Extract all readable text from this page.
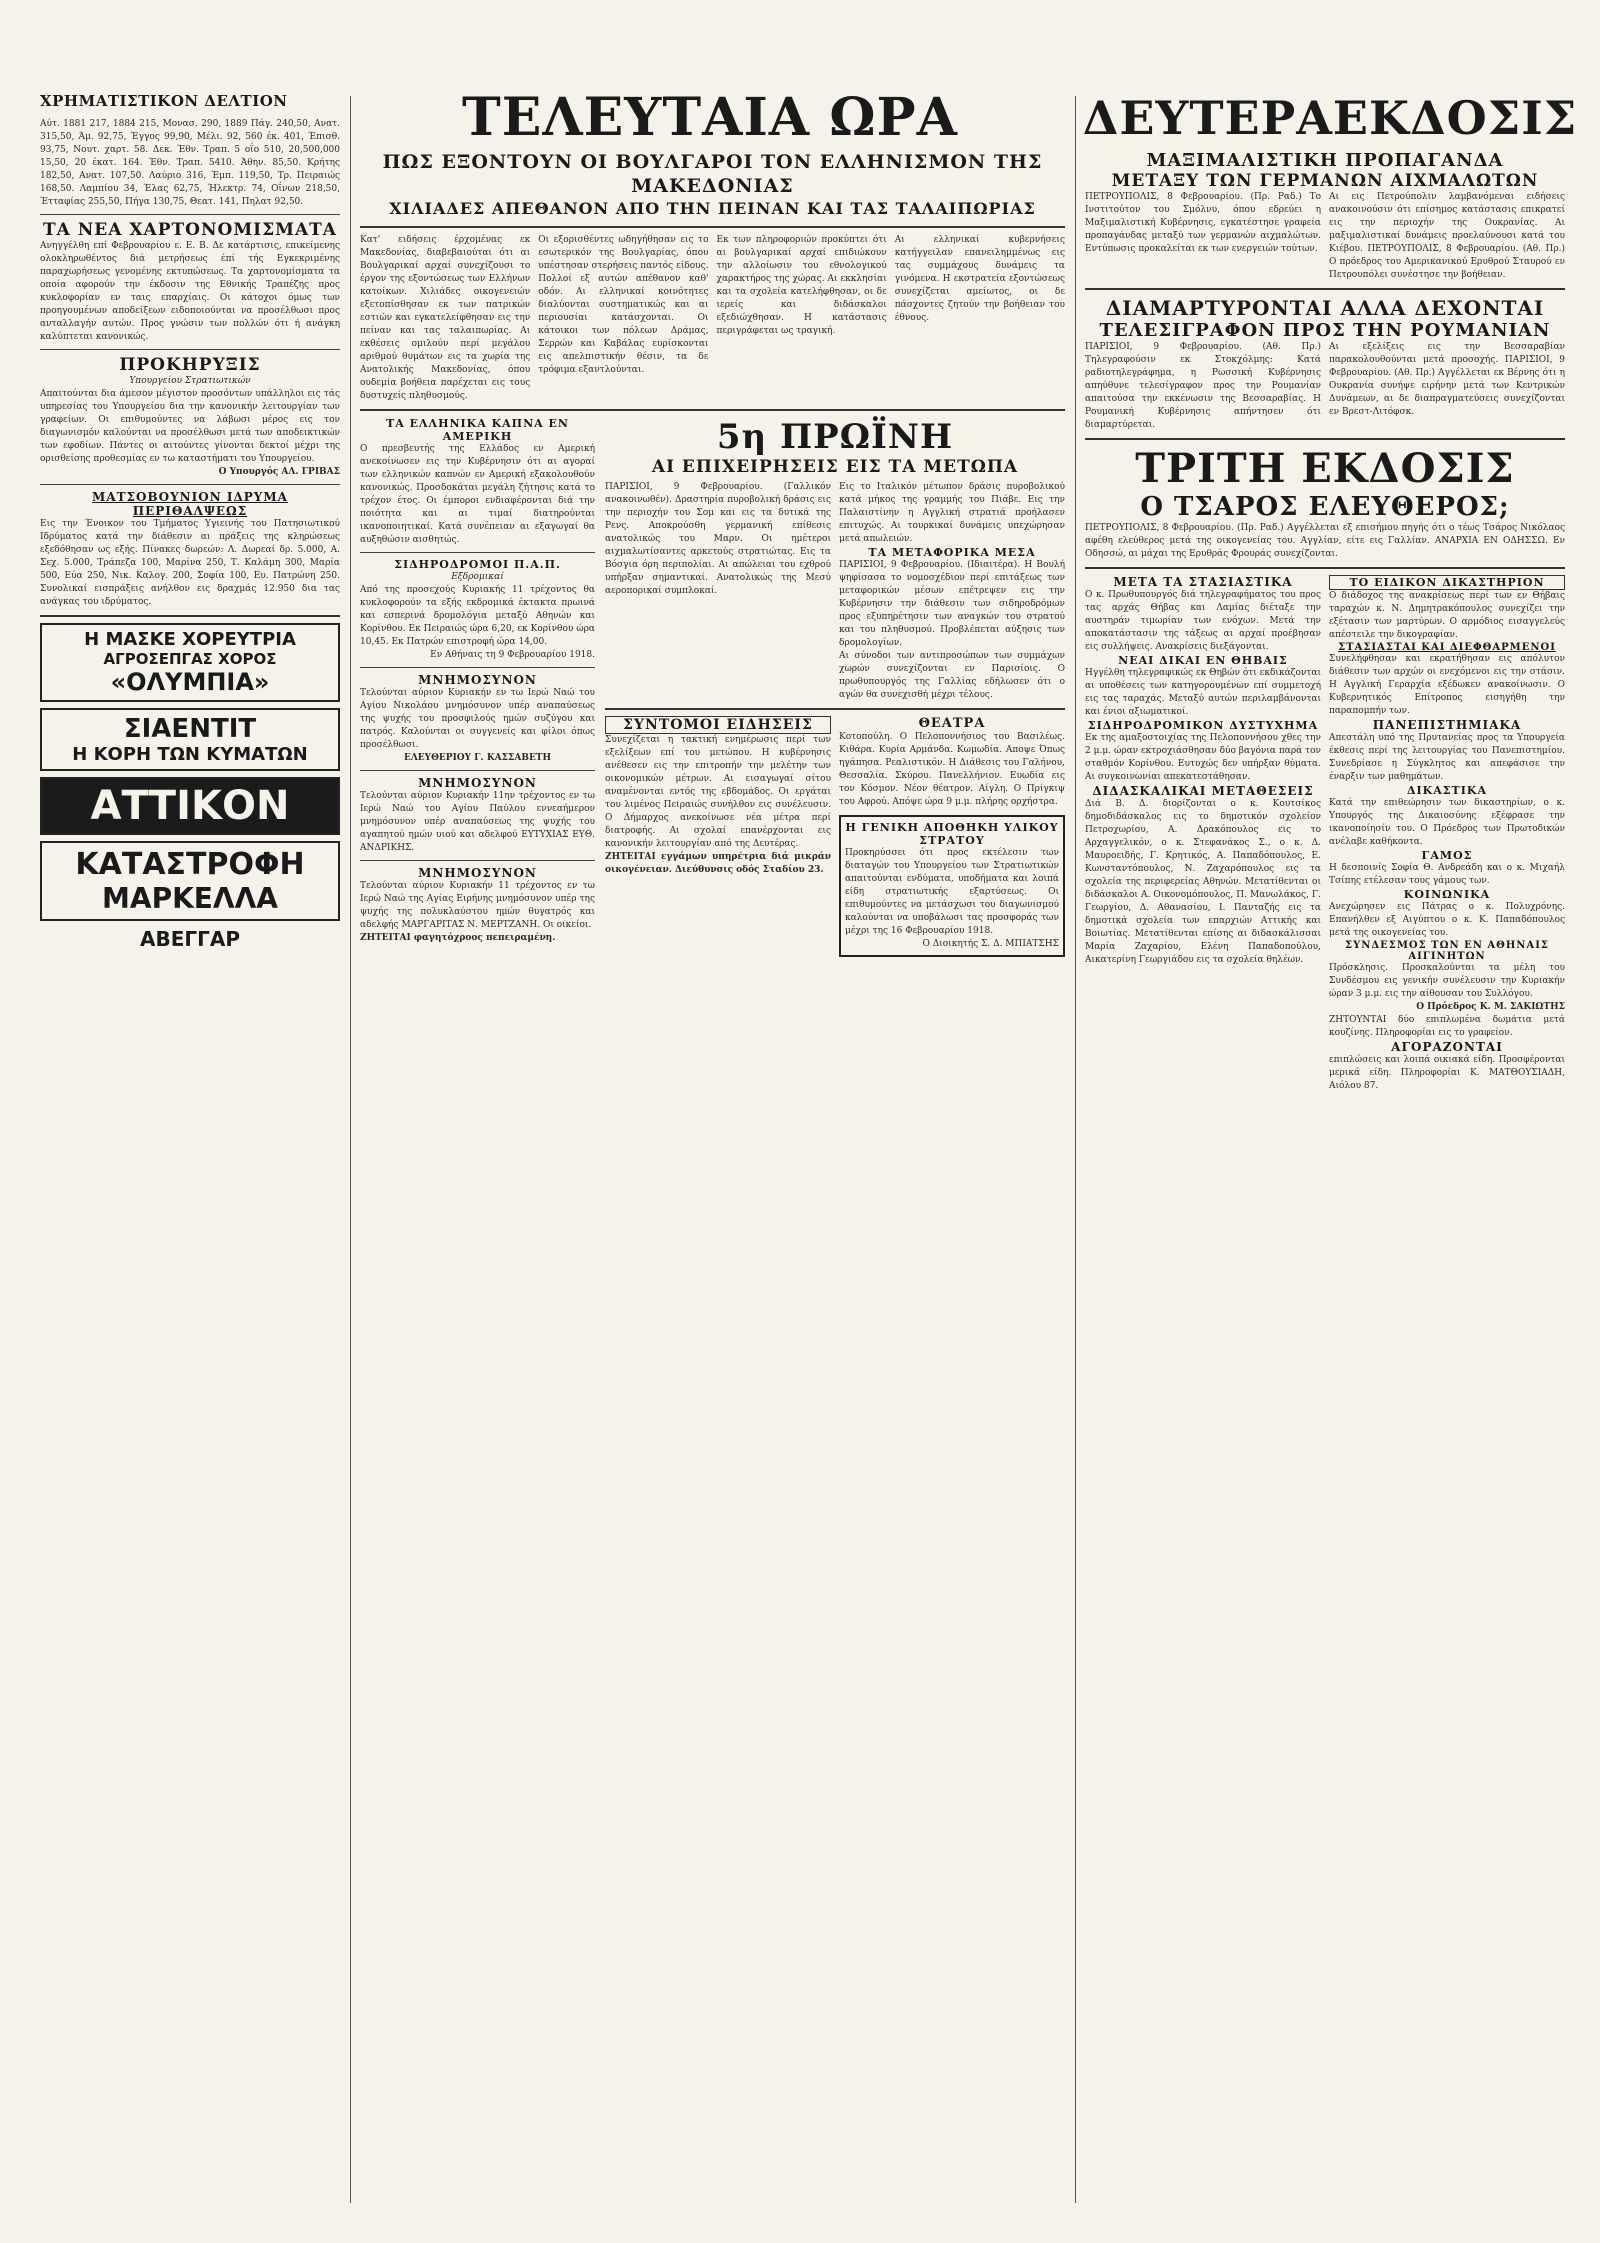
ΧΡΗΜΑΤΙΣΤΙΚΟΝ ΔΕΛΤΙΟΝ	ΤΕΛΕΥΤΑΙΑ ΩΡΑ	ΔΕΥΤΕΡΑΕΚΔΟΣΙΣ
Αύτ. 1881 217, 1884 215, Μονασ. 290, 1889 Πάγ. 240,50, Ανατ. 315,50, Άμ. 92,75, Έγγος 99,90, Μέλι. 92, 560 έκ. 401, Έπισθ. 93,75, Νουτ. χαρτ. 58. Δεκ. Έθν. Τραπ. 5 οΐο 510, 20,500,000 15,50, 20 έκατ. 164. Έθν. Τραπ. 5410. Άθην. 85,50. Κρήτης 182,50, Ανατ. 107,50. Λαύριο 316, Έμπ. 119,50, Τρ. Πειραιώς 168,50. Λαμπίου 34, Έλας 62,75, Ήλεκτρ. 74, Οΐνων 218,50, Έτταφίας 255,50, Πήγα 130,75, Θεατ. 141, Πηλατ 92,50.
ΤΑ ΝΕΑ ΧΑΡΤΟΝΟΜΙΣΜΑΤΑ
Ανηγγέλθη επί Φεβρουαρίου ε. Ε. Β. Δε κατάρτισις, επικείμενης ολοκληρωθέντος διά μετρήσεως έπί τής Εγκεκριμένης παραχωρήσεως γενομένης εκτυπώσεως. Τα χαρτονομίσματα τα οποία αφορούν την έκδοσιν της Εθνικής Τραπέζης προς κυκλοφορίαν εν ταις επαρχίαις. Οι κάτοχοι όμως των προηγουμένων αποδείξεων ειδοποιούνται να προσέλθωσι προς ανταλλαγήν αυτών. Προς γνώσιν των πολλών ότι ή ανάγκη καλύπτεται κανονικώς.
ΠΡΟΚΗΡΥΞΙΣ
Υπουργείου Στρατιωτικών
Απαιτούνται δια άμεσον μέγιστον προσόντων υπάλληλοι εις τάς υπηρεσίας του Υπουργείου δια την κανονικήν λειτουργίαν των γραφείων. Οι επιθυμούντες να λάβωσι μέρος εις τον διαγωνισμόν καλούνται να προσέλθωσι μετά των αποδεικτικών των εφοδίων. Πάντες οι αιτούντες γίνονται δεκτοί μέχρι της ορισθείσης προθεσμίας εν τω καταστήματι του Υπουργείου.
Ο Υπουργός ΑΛ. ΓΡΙΒΑΣ
ΜΑΤΣΟΒΟΥΝΙΟΝ ΙΔΡΥΜΑ ΠΕΡΙΘΑΛΨΕΩΣ
Εις την Ένοικον του Τμήματος Υγιεινής του Πατησιωτικού Ιδρύματος κατά την διάθεσιν αι πράξεις της κληρώσεως εξεδόθησαν ως εξής. Πίνακες δωρεών: Λ. Δωρεαί δρ. 5.000, Α. Σεχ. 5.000, Τράπεζα 100, Μαρίνα 250, Τ. Καλάμη 300, Μαρία 500, Εύα 250, Νικ. Καλογ. 200, Σοφία 100, Ευ. Πατρώνη 250. Συνολικαί εισπράξεις ανήλθον εις δραχμάς 12.950 δια τας ανάγκας του ιδρύματος.
Η ΜΑΣΚΕ ΧΟΡΕΥΤΡΙΑ
ΑΓΡΟΣΕΠΓΑΣ ΧΟΡΟΣ
«ΟΛΥΜΠΙΑ»
ΣΙΑΕΝΤΙΤ
Η ΚΟΡΗ ΤΩΝ ΚΥΜΑΤΩΝ
ΑΤΤΙΚΟΝ
ΚΑΤΑΣΤΡΟΦΗ
ΜΑΡΚΕΛΛΑ
ΑΒΕΓΓΑΡ
ΠΩΣ ΕΞΟΝΤΟΥΝ ΟΙ ΒΟΥΛΓΑΡΟΙ ΤΟΝ ΕΛΛΗΝΙΣΜΟΝ ΤΗΣ ΜΑΚΕΔΟΝΙΑΣ
ΧΙΛΙΑΔΕΣ ΑΠΕΘΑΝΟΝ ΑΠΟ ΤΗΝ ΠΕΙΝΑΝ ΚΑΙ ΤΑΣ ΤΑΛΑΙΠΩΡΙΑΣ
Κατ' ειδήσεις έρχομένας εκ Μακεδονίας, διαβεβαιούται ότι αι Βουλγαρικαί αρχαί συνεχίζουσι το έργον της εξοντώσεως των Ελλήνων κατοίκων. Χιλιάδες οικογενειών εξετοπίσθησαν εκ των πατρικών εστιών και εγκατελείφθησαν εις την πείναν και τας ταλαιπωρίας. Αι εκθέσεις ομιλούν περί μεγάλου αριθμού θυμάτων εις τα χωρία της Ανατολικής Μακεδονίας, όπου ουδεμία βοήθεια παρέχεται εις τους δυστυχείς πληθυσμούς.
Οι εξορισθέντες ωδηγήθησαν εις το εσωτερικόν της Βουλγαρίας, όπου υπέστησαν στερήσεις παντός είδους. Πολλοί εξ αυτών απέθανον καθ' οδόν. Αι ελληνικαί κοινότητες διαλύονται συστηματικώς και αι περιουσίαι κατάσχονται. Οι κάτοικοι των πόλεων Δράμας, Σερρών και Καβάλας ευρίσκονται εις απελπιστικήν θέσιν, τα δε τρόφιμα εξαντλούνται.
Εκ των πληροφοριών προκύπτει ότι αι βουλγαρικαί αρχαί επιδιώκουν την αλλοίωσιν του εθνολογικού χαρακτήρος της χώρας. Αι εκκλησίαι και τα σχολεία κατελήφθησαν, οι δε ιερείς και διδάσκαλοι εξεδιώχθησαν. Η κατάστασις περιγράφεται ως τραγική.
Αι ελληνικαί κυβερνήσεις κατήγγειλαν επανειλημμένως εις τας συμμάχους δυνάμεις τα γινόμενα. Η εκστρατεία εξοντώσεως συνεχίζεται αμείωτος, οι δε πάσχοντες ζητούν την βοήθειαν του έθνους.
ΤΑ ΕΛΛΗΝΙΚΑ ΚΑΠΝΑ ΕΝ ΑΜΕΡΙΚΗ
Ο πρεσβευτής της Ελλάδος εν Αμερική ανεκοίνωσεν εις την Κυβέρνησιν ότι αι αγοραί των ελληνικών καπνών εν Αμερική εξακολουθούν κανονικώς. Προσδοκάται μεγάλη ζήτησις κατά το τρέχον έτος. Οι έμποροι ενδιαφέρονται διά την ποιότητα και αι τιμαί διατηρούνται ικανοποιητικαί. Κατά συνέπειαν αι εξαγωγαί θα αυξηθώσιν αισθητώς.
ΣΙΔΗΡΟΔΡΟΜΟΙ Π.Α.Π.
Εξδρομικαί
Από της προσεχούς Κυριακής 11 τρέχοντος θα κυκλοφορούν τα εξής εκδρομικά έκτακτα πρωινά και εσπερινά δρομολόγια μεταξύ Αθηνών και Κορίνθου. Εκ Πειραιώς ώρα 6,20, εκ Κορίνθου ώρα 10,45. Εκ Πατρών επιστροφή ώρα 14,00.
Εν Αθήναις τη 9 Φεβρουαρίου 1918.
ΜΝΗΜΟΣΥΝΟΝ
Τελούνται αύριον Κυριακήν εν τω Ιερώ Ναώ του Αγίου Νικολάου μνημόσυνον υπέρ αναπαύσεως της ψυχής του προσφιλούς ημών συζύγου και πατρός. Καλούνται οι συγγενείς και φίλοι όπως προσέλθωσι.
ΕΛΕΥΘΕΡΙΟΥ Γ. ΚΑΣΣΑΒΕΤΗ
ΜΝΗΜΟΣΥΝΟΝ
Τελούνται αύριον Κυριακήν 11ην τρέχοντος εν τω Ιερώ Ναώ του Αγίου Παύλου εννεαήμερον μνημόσυνον υπέρ αναπαύσεως της ψυχής του αγαπητού ημών υιού και αδελφού ΕΥΤΥΧΙΑΣ ΕΥΘ. ΑΝΔΡΙΚΗΣ.
ΜΝΗΜΟΣΥΝΟΝ
Τελούνται αύριον Κυριακήν 11 τρέχοντος εν τω Ιερώ Ναώ της Αγίας Ειρήνης μνημόσυνον υπέρ της ψυχής της πολυκλαύστου ημών θυγατρός και αδελφής ΜΑΡΓΑΡΙΤΑΣ Ν. ΜΕΡΤΖΑΝΗ. Οι οικείοι.
ΖΗΤΕΙΤΑΙ φαγητόχροος πεπειραμένη.
5η ΠΡΩΪΝΗ
ΑΙ ΕΠΙΧΕΙΡΗΣΕΙΣ ΕΙΣ ΤΑ ΜΕΤΩΠΑ
ΠΑΡΙΣΙΟΙ, 9 Φεβρουαρίου. (Γαλλικόν ανακοινωθέν). Δραστηρία πυροβολική δράσις εις την περιοχήν του Σομ και εις τα δυτικά της Ρενς. Αποκρούσθη γερμανική επίθεσις ανατολικώς του Μαρν. Οι ημέτεροι αιχμαλωτίσαντες αρκετούς στρατιώτας. Εις τα Βόσγια όρη περιπολίαι. Αι απώλειαι του εχθρού υπήρξαν σημαντικαί. Ανατολικώς της Μεσύ αεροπορικαί συμπλοκαί.
Εις το Ιταλικόν μέτωπον δράσις πυροβολικού κατά μήκος της γραμμής του Πιάβε. Εις την Παλαιστίνην η Αγγλική στρατιά προήλασεν επιτυχώς. Αι τουρκικαί δυνάμεις υπεχώρησαν μετά απωλειών.
ΤΑ ΜΕΤΑΦΟΡΙΚΑ ΜΕΣΑ
ΠΑΡΙΣΙΟΙ, 9 Φεβρουαρίου. (Ιδιαιτέρα). Η Βουλή ψηφίσασα το νομοσχέδιον περί επιτάξεως των μεταφορικών μέσων επέτρεψεν εις την Κυβέρνησιν την διάθεσιν των σιδηροδρόμων προς εξυπηρέτησιν των αναγκών του στρατού και του πληθυσμού. Προβλέπεται αύξησις των δρομολογίων.
Αι σύνοδοι των αντιπροσώπων των συμμάχων χωρών συνεχίζονται εν Παρισίοις. Ο πρωθυπουργός της Γαλλίας εδήλωσεν ότι ο αγών θα συνεχισθή μέχρι τέλους.
ΣΥΝΤΟΜΟΙ ΕΙΔΗΣΕΙΣ
Συνεχίζεται η τακτική ενημέρωσις περί των εξελίξεων επί του μετώπου. Η κυβέρνησις ανέθεσεν εις την επιτροπήν την μελέτην των οικονομικών μέτρων. Αι εισαγωγαί σίτου αναμένονται εντός της εβδομάδος. Οι εργάται του λιμένος Πειραιώς συνήλθον εις συνέλευσιν. Ο Δήμαρχος ανεκοίνωσε νέα μέτρα περί διατροφής. Αι σχολαί επανέρχονται εις κανονικήν λειτουργίαν από της Δευτέρας.
ΖΗΤΕΙΤΑΙ εγγάμων υπηρέτρια διά μικράν οικογένειαν. Διεύθυνσις οδός Σταδίου 23.
ΘΕΑΤΡΑ
Κοτοπούλη. Ο Πελοποννήσιος του Βασιλέως. Κιθάρα. Κυρία Αρμάνδα. Κωμωδία. Αποψε Όπως ηγάπησα. Ρεαλιστικόν. Η Διάθεσις του Γαλήνου, Θεσσαλία. Σκύρου. Πανελλήνιον. Ευωδία εις τον Κόσμον. Νέον θέατρον. Αίγλη. Ο Πρίγκιψ του Αφρού. Απόψε ώρα 9 μ.μ. πλήρης ορχήστρα.
Η ΓΕΝΙΚΗ ΑΠΟΘΗΚΗ ΥΛΙΚΟΥ ΣΤΡΑΤΟΥ
Προκηρύσσει ότι προς εκτέλεσιν των διαταγών του Υπουργείου των Στρατιωτικών απαιτούνται ενδύματα, υποδήματα και λοιπά είδη στρατιωτικής εξαρτύσεως. Οι επιθυμούντες να μετάσχωσι του διαγωνισμού καλούνται να υποβάλωσι τας προσφοράς των μέχρι της 16 Φεβρουαρίου 1918.
Ο Διοικητής Σ. Δ. ΜΠΙΑΤΣΗΣ
ΜΑΞΙΜΑΛΙΣΤΙΚΗ ΠΡΟΠΑΓΑΝΔΑ
ΜΕΤΑΞΥ ΤΩΝ ΓΕΡΜΑΝΩΝ ΑΙΧΜΑΛΩΤΩΝ
ΠΕΤΡΟΥΠΟΛΙΣ, 8 Φεβρουαρίου. (Πρ. Ραδ.) Το Ινστιτούτον του Σμόλνυ, όπου εδρεύει η Μαξιμαλιστική Κυβέρνησις, εγκατέστησε γραφεία προπαγάνδας μεταξύ των γερμανών αιχμαλώτων. Εντύπωσις προκαλείται εκ των ενεργειών τούτων.
Αι εις Πετρούπολιν λαμβανόμεναι ειδήσεις ανακοινούσιν ότι επίσημος κατάστασις επικρατεί εις την περιοχήν της Ουκρανίας. Αι μαξιμαλιστικαί δυνάμεις προελαύνουσι κατά του Κιέβου. ΠΕΤΡΟΥΠΟΛΙΣ, 8 Φεβρουαρίου. (Αθ. Πρ.) Ο πρόεδρος του Αμερικανικού Ερυθρού Σταυρού εν Πετρουπόλει συνέστησε την βοήθειαν.
ΔΙΑΜΑΡΤΥΡΟΝΤΑΙ ΑΛΛΑ ΔΕΧΟΝΤΑΙ
ΤΕΛΕΣΙΓΡΑΦΟΝ ΠΡΟΣ ΤΗΝ ΡΟΥΜΑΝΙΑΝ
ΠΑΡΙΣΙΟΙ, 9 Φεβρουαρίου. (Αθ. Πρ.) Τηλεγραφούσιν εκ Στοκχόλμης: Κατά ραδιοτηλεγράφημα, η Ρωσσική Κυβέρνησις απηύθυνε τελεσίγραφον προς την Ρουμανίαν απαιτούσα την εκκένωσιν της Βεσσαραβίας. Η Ρουμανική Κυβέρνησις απήντησεν ότι διαμαρτύρεται.
Αι εξελίξεις εις την Βεσσαραβίαν παρακολουθούνται μετά προσοχής. ΠΑΡΙΣΙΟΙ, 9 Φεβρουαρίου. (Αθ. Πρ.) Αγγέλλεται εκ Βέρνης ότι η Ουκρανία συνήψε ειρήνην μετά των Κεντρικών Δυνάμεων, αι δε διαπραγματεύσεις συνεχίζονται εν Βρεστ-Λιτόφσκ.
ΤΡΙΤΗ ΕΚΔΟΣΙΣ
Ο ΤΣΑΡΟΣ ΕΛΕΥΘΕΡΟΣ;
ΠΕΤΡΟΥΠΟΛΙΣ, 8 Φεβρουαρίου. (Πρ. Ραδ.) Αγγέλλεται εξ επισήμου πηγής ότι ο τέως Τσάρος Νικόλαος αφέθη ελεύθερος μετά της οικογενείας του. Αγγλίαν, είτε εις Γαλλίαν. ΑΝΑΡΧΙΑ ΕΝ ΟΔΗΣΣΩ. Εν Οδησσώ, αι μάχαι της Ερυθράς Φρουράς συνεχίζονται.
ΜΕΤΑ ΤΑ ΣΤΑΣΙΑΣΤΙΚΑ
Ο κ. Πρωθυπουργός διά τηλεγραφήματος του προς τας αρχάς Θήβας και Λαμίας διέταξε την αυστηράν τιμωρίαν των ενόχων. Μετά την αποκατάστασιν της τάξεως αι αρχαί προέβησαν εις συλλήψεις. Ανακρίσεις διεξάγονται.
ΝΕΑΙ ΔΙΚΑΙ ΕΝ ΘΗΒΑΙΣ
Ηγγέλθη τηλεγραφικώς εκ Θηβών ότι εκδικάζονται αι υποθέσεις των κατηγορουμένων επί συμμετοχή εις τας ταραχάς. Μεταξύ αυτών περιλαμβάνονται και ένιοι αξιωματικοί.
ΣΙΔΗΡΟΔΡΟΜΙΚΟΝ ΔΥΣΤΥΧΗΜΑ
Εκ της αμαξοστοιχίας της Πελοποννήσου χθες την 2 μ.μ. ώραν εκτροχιάσθησαν δύο βαγόνια παρά τον σταθμόν Κορίνθου. Ευτυχώς δεν υπήρξαν θύματα. Αι συγκοινωνίαι απεκατεστάθησαν.
ΔΙΔΑΣΚΑΛΙΚΑΙ ΜΕΤΑΘΕΣΕΙΣ
Διά Β. Δ. διορίζονται ο κ. Κουτσίκος δημοδιδάσκαλος εις το δημοτικόν σχολείον Πετροχωρίου, Α. Δρακόπουλος εις το Αρχαγγελικόν, ο κ. Στεφανάκος Σ., ο κ. Δ. Μαυροειδής, Γ. Κρητικός, Α. Παπαδόπουλος, Ε. Κωνσταντόπουλος, Ν. Ζαχαρόπουλος εις τα σχολεία της περιφερείας Αθηνών. Μετατίθενται οι διδάσκαλοι Α. Οικονομόπουλος, Π. Μανωλάκος, Γ. Γεωργίου, Δ. Αθανασίου, Ι. Πανταζής εις τα δημοτικά σχολεία των επαρχιών Αττικής και Βοιωτίας. Μετατίθενται επίσης αι διδασκάλισσαι Μαρία Ζαχαρίου, Ελένη Παπαδοπούλου, Αικατερίνη Γεωργιάδου εις τα σχολεία θηλέων.
ΤΟ ΕΙΔΙΚΟΝ ΔΙΚΑΣΤΗΡΙΟΝ
Ο διάδοχος της ανακρίσεως περί των εν Θήβαις ταραχών κ. Ν. Δημητρακόπουλος συνεχίζει την εξέτασιν των μαρτύρων. Ο αρμόδιος εισαγγελεύς απέστειλε την δικογραφίαν.
ΣΤΑΣΙΑΣΤΑΙ ΚΑΙ ΔΙΕΦΘΑΡΜΕΝΟΙ
Συνελήφθησαν και εκρατήθησαν εις απόλυτον διάθεσιν των αρχών οι ενεχόμενοι εις την στάσιν. Η Αγγλική Γεραρχία εξέδωκεν ανακοίνωσιν. Ο Κυβερνητικός Επίτροπος εισηγήθη την παραπομπήν των.
ΠΑΝΕΠΙΣΤΗΜΙΑΚΑ
Απεστάλη υπό της Πρυτανείας προς τα Υπουργεία έκθεσις περί της λειτουργίας του Πανεπιστημίου. Συνεδρίασε η Σύγκλητος και απεφάσισε την έναρξιν των μαθημάτων.
ΔΙΚΑΣΤΙΚΑ
Κατά την επιθεώρησιν των δικαστηρίων, ο κ. Υπουργός της Δικαιοσύνης εξέφρασε την ικανοποίησίν του. Ο Πρόεδρος των Πρωτοδικών ανέλαβε καθήκοντα.
ΓΑΜΟΣ
Η δεσποινίς Σοφία Θ. Ανδρεάδη και ο κ. Μιχαήλ Τσίπης ετέλεσαν τους γάμους των.
ΚΟΙΝΩΝΙΚΑ
Ανεχώρησεν εις Πάτρας ο κ. Πολυχρόνης. Επανήλθεν εξ Αιγύπτου ο κ. Κ. Παπαδόπουλος μετά της οικογενείας του.
ΣΥΝΔΕΣΜΟΣ ΤΩΝ ΕΝ ΑΘΗΝΑΙΣ ΑΙΓΙΝΗΤΩΝ
Πρόσκλησις. Προσκαλούνται τα μέλη του Συνδέσμου εις γενικήν συνέλευσιν την Κυριακήν ώραν 3 μ.μ. εις την αίθουσαν του Συλλόγου.
Ο Πρόεδρος Κ. Μ. ΣΑΚΙΩΤΗΣ
ΖΗΤΟΥΝΤΑΙ δύο επιπλωμένα δωμάτια μετά κουζίνης. Πληροφορίαι εις το γραφείον.
ΑΓΟΡΑΖΟΝΤΑΙ
επιπλώσεις και λοιπά οικιακά είδη. Προσφέρονται μερικά είδη. Πληροφορίαι Κ. ΜΑΤΘΟΥΣΙΑΔΗ, Αιόλου 87.
